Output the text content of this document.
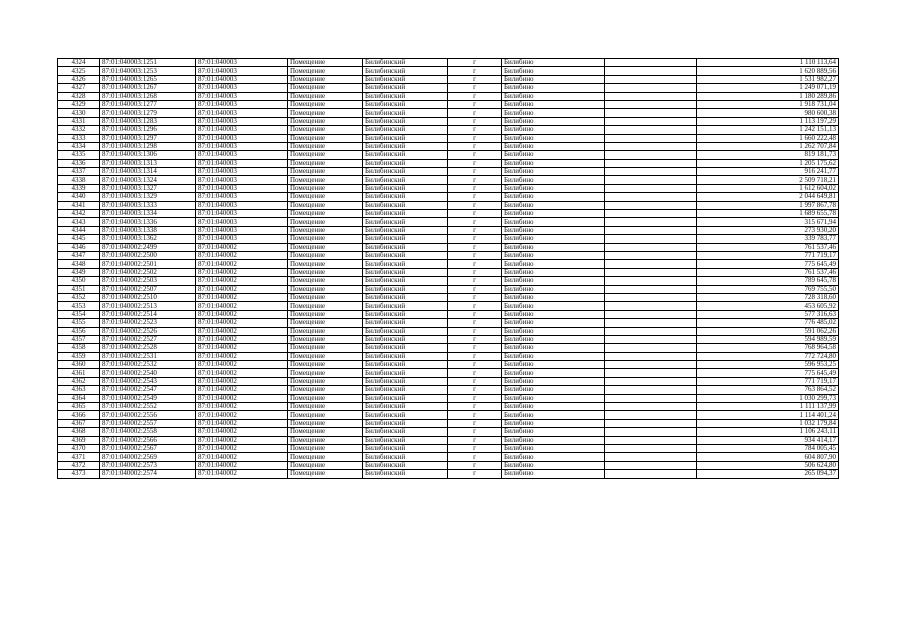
4324	87:01:040003:1251	87:01:040003	Помещение	Билибинский	г	Билибино		1 110 113,64
4325	87:01:040003:1253	87:01:040003	Помещение	Билибинский	г	Билибино		1 620 889,56
4326	87:01:040003:1265	87:01:040003	Помещение	Билибинский	г	Билибино		1 531 982,27
4327	87:01:040003:1267	87:01:040003	Помещение	Билибинский	г	Билибино		1 249 071,19
4328	87:01:040003:1268	87:01:040003	Помещение	Билибинский	г	Билибино		1 180 289,86
4329	87:01:040003:1277	87:01:040003	Помещение	Билибинский	г	Билибино		1 918 731,04
4330	87:01:040003:1279	87:01:040003	Помещение	Билибинский	г	Билибино		980 600,38
4331	87:01:040003:1283	87:01:040003	Помещение	Билибинский	г	Билибино		1 113 197,29
4332	87:01:040003:1296	87:01:040003	Помещение	Билибинский	г	Билибино		1 242 151,13
4333	87:01:040003:1297	87:01:040003	Помещение	Билибинский	г	Билибино		1 660 222,48
4334	87:01:040003:1298	87:01:040003	Помещение	Билибинский	г	Билибино		1 262 707,84
4335	87:01:040003:1306	87:01:040003	Помещение	Билибинский	г	Билибино		819 181,73
4336	87:01:040003:1313	87:01:040003	Помещение	Билибинский	г	Билибино		1 205 175,62
4337	87:01:040003:1314	87:01:040003	Помещение	Билибинский	г	Билибино		916 241,77
4338	87:01:040003:1324	87:01:040003	Помещение	Билибинский	г	Билибино		2 509 718,21
4339	87:01:040003:1327	87:01:040003	Помещение	Билибинский	г	Билибино		1 612 604,02
4340	87:01:040003:1329	87:01:040003	Помещение	Билибинский	г	Билибино		2 044 649,81
4341	87:01:040003:1333	87:01:040003	Помещение	Билибинский	г	Билибино		1 997 867,78
4342	87:01:040003:1334	87:01:040003	Помещение	Билибинский	г	Билибино		1 689 655,78
4343	87:01:040003:1336	87:01:040003	Помещение	Билибинский	г	Билибино		315 671,94
4344	87:01:040003:1338	87:01:040003	Помещение	Билибинский	г	Билибино		273 930,20
4345	87:01:040003:1362	87:01:040003	Помещение	Билибинский	г	Билибино		339 783,77
4346	87:01:040002:2499	87:01:040002	Помещение	Билибинский	г	Билибино		761 537,46
4347	87:01:040002:2500	87:01:040002	Помещение	Билибинский	г	Билибино		771 719,17
4348	87:01:040002:2501	87:01:040002	Помещение	Билибинский	г	Билибино		775 645,49
4349	87:01:040002:2502	87:01:040002	Помещение	Билибинский	г	Билибино		761 537,46
4350	87:01:040002:2503	87:01:040002	Помещение	Билибинский	г	Билибино		789 645,78
4351	87:01:040002:2507	87:01:040002	Помещение	Билибинский	г	Билибино		769 755,50
4352	87:01:040002:2510	87:01:040002	Помещение	Билибинский	г	Билибино		728 318,60
4353	87:01:040002:2513	87:01:040002	Помещение	Билибинский	г	Билибино		453 605,92
4354	87:01:040002:2514	87:01:040002	Помещение	Билибинский	г	Билибино		577 316,63
4355	87:01:040002:2523	87:01:040002	Помещение	Билибинский	г	Билибино		776 485,02
4356	87:01:040002:2526	87:01:040002	Помещение	Билибинский	г	Билибино		591 062,26
4357	87:01:040002:2527	87:01:040002	Помещение	Билибинский	г	Билибино		594 989,59
4358	87:01:040002:2528	87:01:040002	Помещение	Билибинский	г	Билибино		768 964,58
4359	87:01:040002:2531	87:01:040002	Помещение	Билибинский	г	Билибино		772 724,80
4360	87:01:040002:2532	87:01:040002	Помещение	Билибинский	г	Билибино		596 953,25
4361	87:01:040002:2540	87:01:040002	Помещение	Билибинский	г	Билибино		775 645,49
4362	87:01:040002:2543	87:01:040002	Помещение	Билибинский	г	Билибино		771 719,17
4363	87:01:040002:2547	87:01:040002	Помещение	Билибинский	г	Билибино		763 864,52
4364	87:01:040002:2549	87:01:040002	Помещение	Билибинский	г	Билибино		1 030 299,73
4365	87:01:040002:2552	87:01:040002	Помещение	Билибинский	г	Билибино		1 111 137,99
4366	87:01:040002:2556	87:01:040002	Помещение	Билибинский	г	Билибино		1 114 401,24
4367	87:01:040002:2557	87:01:040002	Помещение	Билибинский	г	Билибино		1 032 179,84
4368	87:01:040002:2558	87:01:040002	Помещение	Билибинский	г	Билибино		1 106 243,11
4369	87:01:040002:2566	87:01:040002	Помещение	Билибинский	г	Билибино		934 414,17
4370	87:01:040002:2567	87:01:040002	Помещение	Билибинский	г	Билибино		784 005,45
4371	87:01:040002:2569	87:01:040002	Помещение	Билибинский	г	Билибино		604 807,90
4372	87:01:040002:2573	87:01:040002	Помещение	Билибинский	г	Билибино		506 624,80
4373	87:01:040002:2574	87:01:040002	Помещение	Билибинский	г	Билибино		265 094,37
